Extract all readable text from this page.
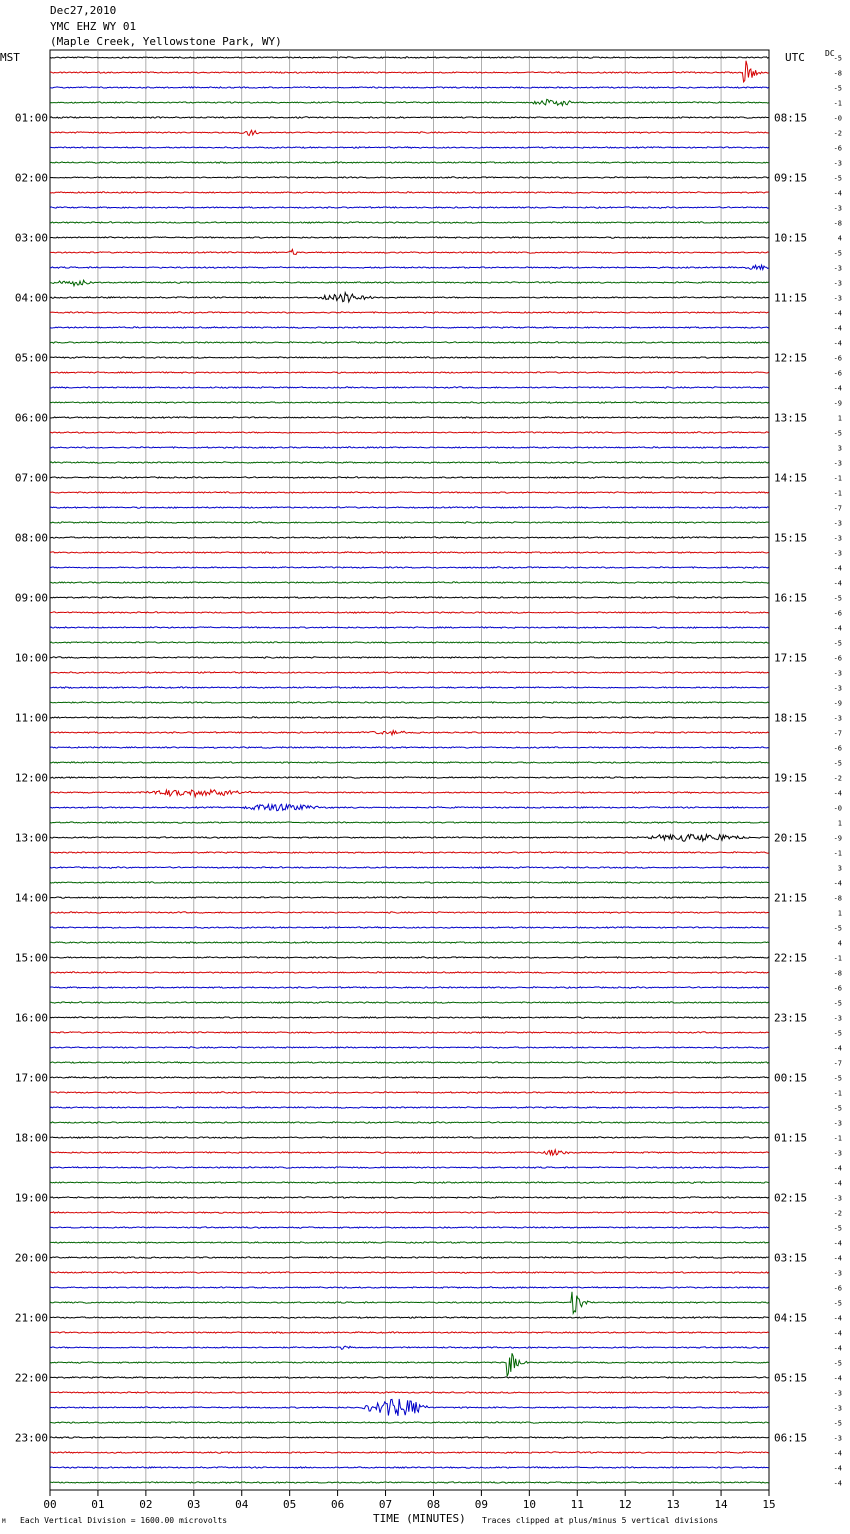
Dec27,2010
YMC EHZ WY 01
(Maple Creek, Yellowstone Park, WY)
MST	UTC	DC
TIME (MINUTES)
Each Vertical Division = 1600.00 microvolts	Traces clipped at plus/minus 5 vertical divisions
M
00	01	02	03	04	05	06	07	08	09	10	11	12	13	14	15
-5
-8
-5
-1
-0
-2
-6
-3
-5
-4
-3
-8
4
-5
-3
-3
-3
-4
-4
-4
-6
-6
-4
-9
1
-5
3
-3
-1
-1
-7
-3
-3
-3
-4
-4
-5
-6
-4
-5
-6
-3
-3
-9
-3
-7
-6
-5
-2
-4
-0
1
-9
-1
3
-4
-8
1
-5
4
-1
-8
-6
-5
-3
-5
-4
-7
-5
-1
-5
-3
-1
-3
-4
-4
-3
-2
-5
-4
-4
-3
-6
-5
-4
-4
-4
-5
-4
-3
-3
-5
-3
-4
-4
-4
01:00
02:00
03:00
04:00
05:00
06:00
07:00
08:00
09:00
10:00
11:00
12:00
13:00
14:00
15:00
16:00
17:00
18:00
19:00
20:00
21:00
22:00
23:00
08:15
09:15
10:15
11:15
12:15
13:15
14:15
15:15
16:15
17:15
18:15
19:15
20:15
21:15
22:15
23:15
00:15
01:15
02:15
03:15
04:15
05:15
06:15
